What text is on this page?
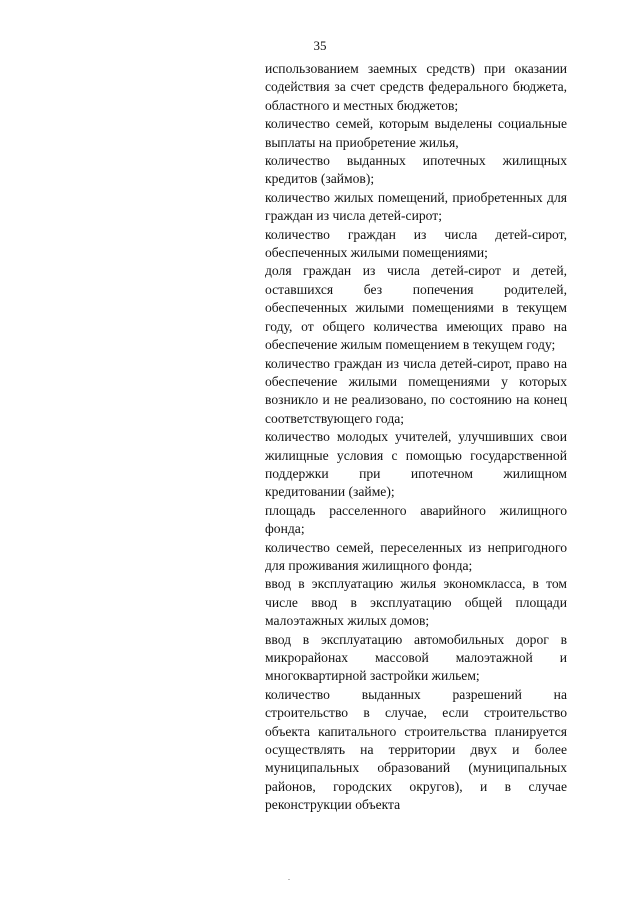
35

использованием заемных средств) при оказании содействия за счет средств федерального бюджета, областного и местных бюджетов;

количество семей, которым выделены социальные выплаты на приобретение жилья,

количество выданных ипотечных жилищных кредитов (займов);

количество жилых помещений, приобретенных для граждан из числа детей-сирот;

количество граждан из числа детей-сирот, обеспеченных жилыми помещениями;

доля граждан из числа детей-сирот и детей, оставшихся без попечения родителей, обеспеченных жилыми помещениями в текущем году, от общего количества имеющих право на обеспечение жилым помещением в текущем году;

количество граждан из числа детей-сирот, право на обеспечение жилыми помещениями у которых возникло и не реализовано, по состоянию на конец соответствующего года;

количество молодых учителей, улучшивших свои жилищные условия с помощью государственной поддержки при ипотечном жилищном кредитовании (займе);

площадь расселенного аварийного жилищного фонда;

количество семей, переселенных из непригодного для проживания жилищного фонда;

ввод в эксплуатацию жилья экономкласса, в том числе ввод в эксплуатацию общей площади малоэтажных жилых домов;

ввод в эксплуатацию автомобильных дорог в микрорайонах массовой малоэтажной и многоквартирной застройки жильем;

количество выданных разрешений на строительство в случае, если строительство объекта капитального строительства планируется осуществлять на территории двух и более муниципальных образований (муниципальных районов, городских округов), и в случае реконструкции объекта
